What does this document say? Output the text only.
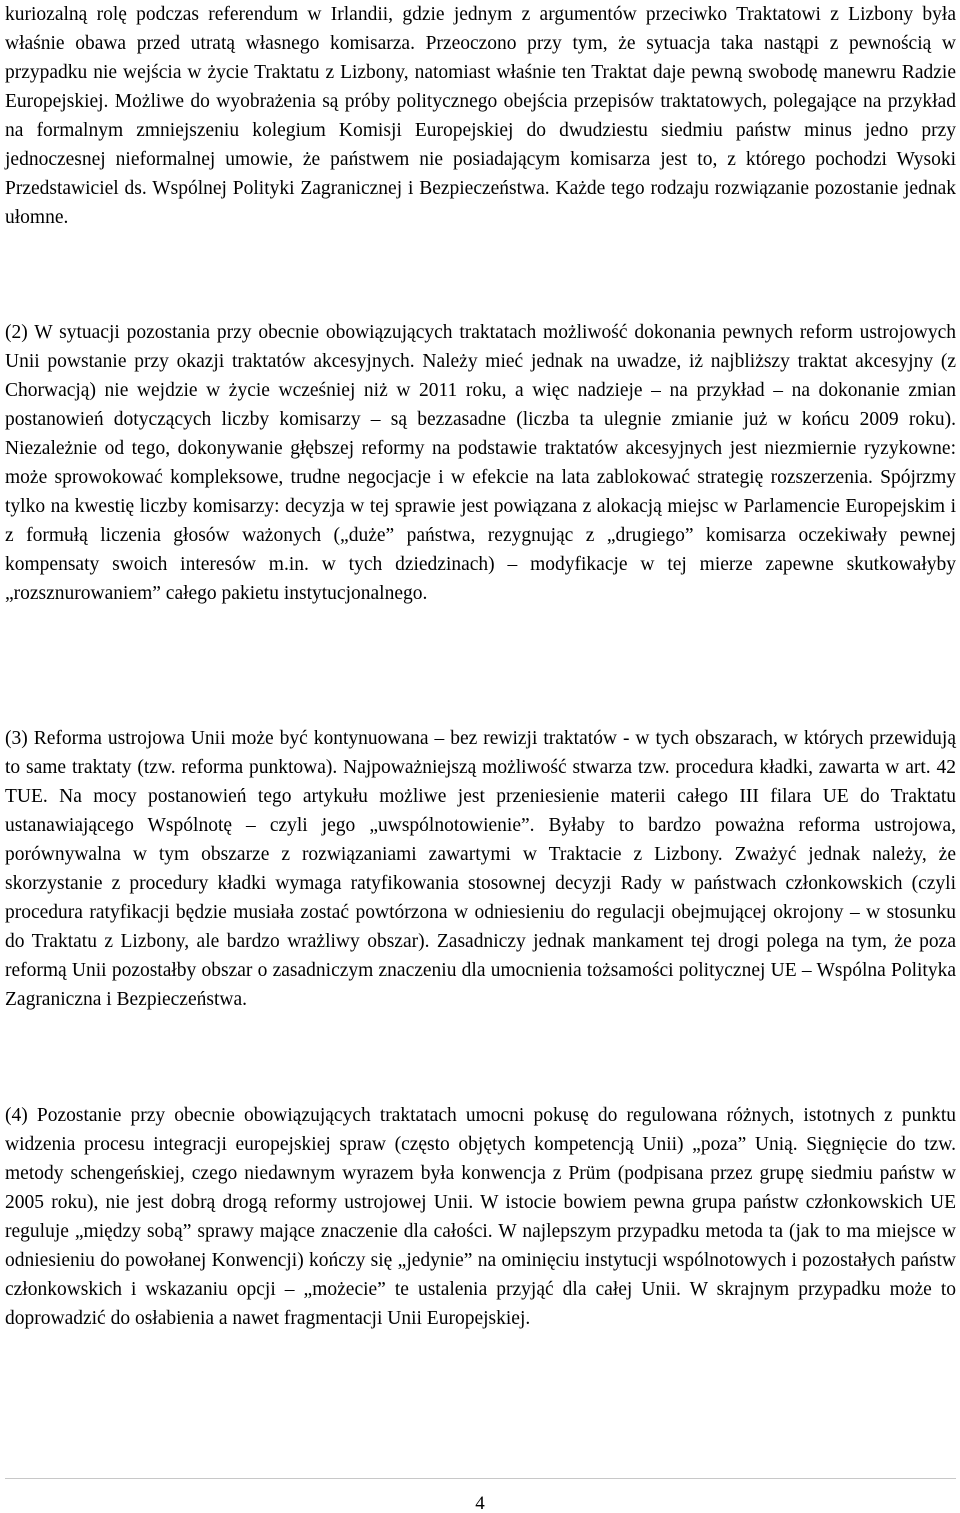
kuriozalną rolę podczas referendum w Irlandii, gdzie jednym z argumentów przeciwko Traktatowi z Lizbony była właśnie obawa przed utratą własnego komisarza. Przeoczono przy tym, że sytuacja taka nastąpi z pewnością w przypadku nie wejścia w życie Traktatu z Lizbony, natomiast właśnie ten Traktat daje pewną swobodę manewru Radzie Europejskiej. Możliwe do wyobrażenia są próby politycznego obejścia przepisów traktatowych, polegające na przykład na formalnym zmniejszeniu kolegium Komisji Europejskiej do dwudziestu siedmiu państw minus jedno przy jednoczesnej nieformalnej umowie, że państwem nie posiadającym komisarza jest to, z którego pochodzi Wysoki Przedstawiciel ds. Wspólnej Polityki Zagranicznej i Bezpieczeństwa. Każde tego rodzaju rozwiązanie pozostanie jednak ułomne.

(2) W sytuacji pozostania przy obecnie obowiązujących traktatach możliwość dokonania pewnych reform ustrojowych Unii powstanie przy okazji traktatów akcesyjnych. Należy mieć jednak na uwadze, iż najbliższy traktat akcesyjny (z Chorwacją) nie wejdzie w życie wcześniej niż w 2011 roku, a więc nadzieje – na przykład – na dokonanie zmian postanowień dotyczących liczby komisarzy – są bezzasadne (liczba ta ulegnie zmianie już w końcu 2009 roku). Niezależnie od tego, dokonywanie głębszej reformy na podstawie traktatów akcesyjnych jest niezmiernie ryzykowne: może sprowokować kompleksowe, trudne negocjacje i w efekcie na lata zablokować strategię rozszerzenia. Spójrzmy tylko na kwestię liczby komisarzy: decyzja w tej sprawie jest powiązana z alokacją miejsc w Parlamencie Europejskim i z formułą liczenia głosów ważonych („duże” państwa, rezygnując z „drugiego” komisarza oczekiwały pewnej kompensaty swoich interesów m.in. w tych dziedzinach) – modyfikacje w tej mierze zapewne skutkowałyby „rozsznurowaniem” całego pakietu instytucjonalnego.

(3) Reforma ustrojowa Unii może być kontynuowana – bez rewizji traktatów - w tych obszarach, w których przewidują to same traktaty (tzw. reforma punktowa). Najpoważniejszą możliwość stwarza tzw. procedura kładki, zawarta w art. 42 TUE. Na mocy postanowień tego artykułu możliwe jest przeniesienie materii całego III filara UE do Traktatu ustanawiającego Wspólnotę – czyli jego „uwspólnotowienie”. Byłaby to bardzo poważna reforma ustrojowa, porównywalna w tym obszarze z rozwiązaniami zawartymi w Traktacie z Lizbony. Zważyć jednak należy, że skorzystanie z procedury kładki wymaga ratyfikowania stosownej decyzji Rady w państwach członkowskich (czyli procedura ratyfikacji będzie musiała zostać powtórzona w odniesieniu do regulacji obejmującej okrojony – w stosunku do Traktatu z Lizbony, ale bardzo wrażliwy obszar). Zasadniczy jednak mankament tej drogi polega na tym, że poza reformą Unii pozostałby obszar o zasadniczym znaczeniu dla umocnienia tożsamości politycznej UE – Wspólna Polityka Zagraniczna i Bezpieczeństwa.

(4) Pozostanie przy obecnie obowiązujących traktatach umocni pokusę do regulowana różnych, istotnych z punktu widzenia procesu integracji europejskiej spraw (często objętych kompetencją Unii) „poza” Unią. Sięgnięcie do tzw. metody schengeńskiej, czego niedawnym wyrazem była konwencja z Prüm (podpisana przez grupę siedmiu państw w 2005 roku), nie jest dobrą drogą reformy ustrojowej Unii. W istocie bowiem pewna grupa państw członkowskich UE reguluje „między sobą” sprawy mające znaczenie dla całości. W najlepszym przypadku metoda ta (jak to ma miejsce w odniesieniu do powołanej Konwencji) kończy się „jedynie” na ominięciu instytucji wspólnotowych i pozostałych państw członkowskich i wskazaniu opcji – „możecie” te ustalenia przyjąć dla całej Unii. W skrajnym przypadku może to doprowadzić do osłabienia a nawet fragmentacji Unii Europejskiej.

4
